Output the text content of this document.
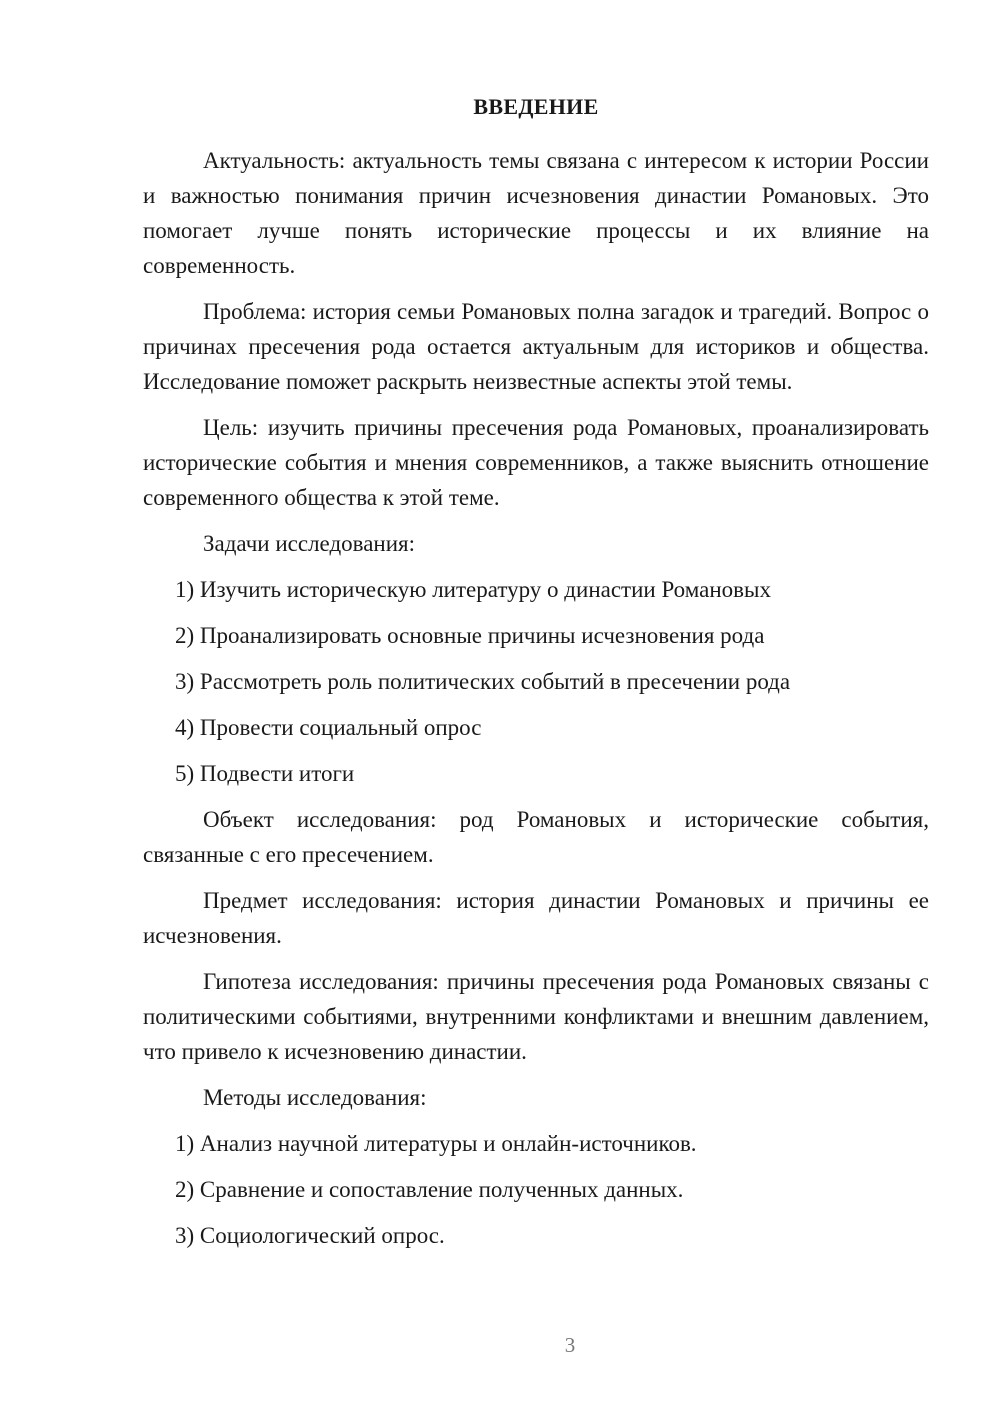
ВВЕДЕНИЕ

Актуальность: актуальность темы связана с интересом к истории России и важностью понимания причин исчезновения династии Романовых. Это помогает лучше понять исторические процессы и их влияние на современность.

Проблема: история семьи Романовых полна загадок и трагедий. Вопрос о причинах пресечения рода остается актуальным для историков и общества. Исследование поможет раскрыть неизвестные аспекты этой темы.

Цель: изучить причины пресечения рода Романовых, проанализировать исторические события и мнения современников, а также выяснить отношение современного общества к этой теме.

Задачи исследования:

1) Изучить историческую литературу о династии Романовых

2) Проанализировать основные причины исчезновения рода

3) Рассмотреть роль политических событий в пресечении рода

4) Провести социальный опрос

5) Подвести итоги

Объект исследования: род Романовых и исторические события, связанные с его пресечением.

Предмет исследования: история династии Романовых и причины ее исчезновения.

Гипотеза исследования: причины пресечения рода Романовых связаны с политическими событиями, внутренними конфликтами и внешним давлением, что привело к исчезновению династии.

Методы исследования:

1) Анализ научной литературы и онлайн-источников.

2) Сравнение и сопоставление полученных данных.

3) Социологический опрос.

3
